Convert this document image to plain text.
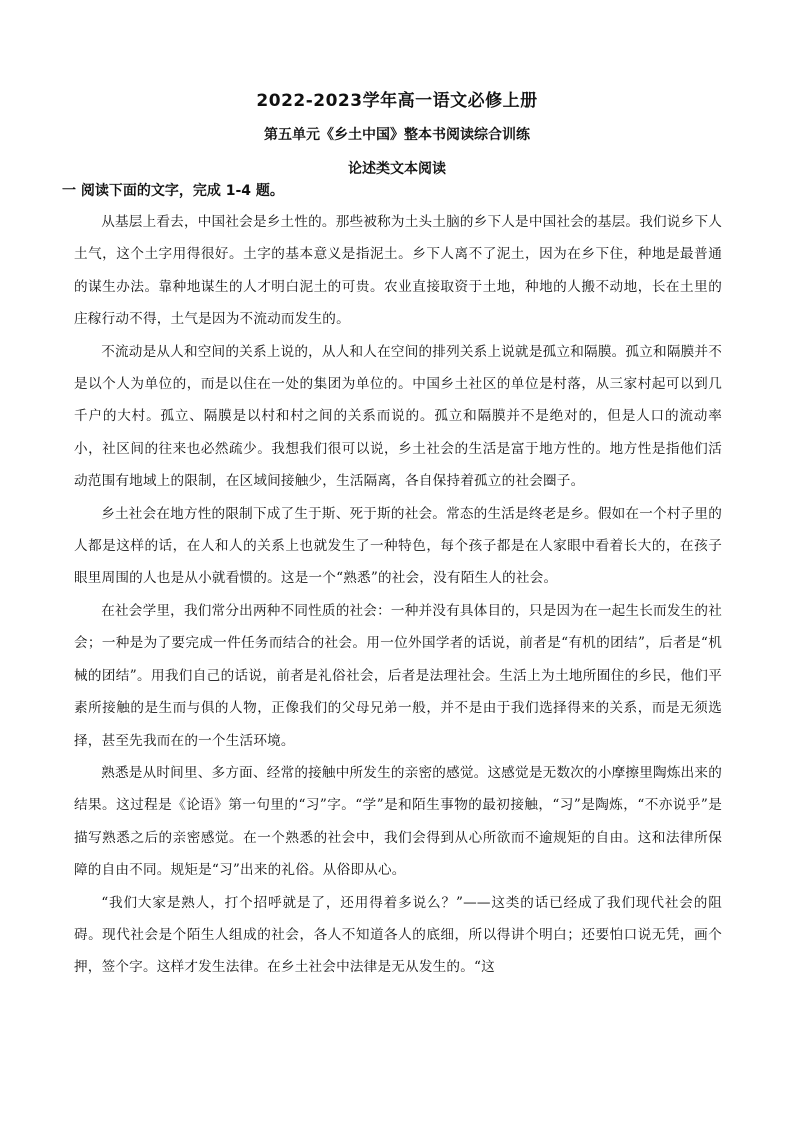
2022-2023学年高一语文必修上册
第五单元《乡土中国》整本书阅读综合训练
论述类文本阅读
一 阅读下面的文字，完成 1-4 题。

从基层上看去，中国社会是乡土性的。那些被称为土头土脑的乡下人是中国社会的基层。我们说乡下人土气，这个土字用得很好。土字的基本意义是指泥土。乡下人离不了泥土，因为在乡下住，种地是最普通的谋生办法。靠种地谋生的人才明白泥土的可贵。农业直接取资于土地，种地的人搬不动地，长在土里的庄稼行动不得，土气是因为不流动而发生的。

不流动是从人和空间的关系上说的，从人和人在空间的排列关系上说就是孤立和隔膜。孤立和隔膜并不是以个人为单位的，而是以住在一处的集团为单位的。中国乡土社区的单位是村落，从三家村起可以到几千户的大村。孤立、隔膜是以村和村之间的关系而说的。孤立和隔膜并不是绝对的，但是人口的流动率小，社区间的往来也必然疏少。我想我们很可以说，乡土社会的生活是富于地方性的。地方性是指他们活动范围有地域上的限制，在区域间接触少，生活隔离，各自保持着孤立的社会圈子。

乡土社会在地方性的限制下成了生于斯、死于斯的社会。常态的生活是终老是乡。假如在一个村子里的人都是这样的话，在人和人的关系上也就发生了一种特色，每个孩子都是在人家眼中看着长大的，在孩子眼里周围的人也是从小就看惯的。这是一个“熟悉”的社会，没有陌生人的社会。

在社会学里，我们常分出两种不同性质的社会：一种并没有具体目的，只是因为在一起生长而发生的社会；一种是为了要完成一件任务而结合的社会。用一位外国学者的话说，前者是“有机的团结”，后者是“机械的团结”。用我们自己的话说，前者是礼俗社会，后者是法理社会。生活上为土地所囿住的乡民，他们平素所接触的是生而与俱的人物，正像我们的父母兄弟一般，并不是由于我们选择得来的关系，而是无须选择，甚至先我而在的一个生活环境。

熟悉是从时间里、多方面、经常的接触中所发生的亲密的感觉。这感觉是无数次的小摩擦里陶炼出来的结果。这过程是《论语》第一句里的“习”字。“学”是和陌生事物的最初接触，“习”是陶炼，“不亦说乎”是描写熟悉之后的亲密感觉。在一个熟悉的社会中，我们会得到从心所欲而不逾规矩的自由。这和法律所保障的自由不同。规矩是“习”出来的礼俗。从俗即从心。

“我们大家是熟人，打个招呼就是了，还用得着多说么？”——这类的话已经成了我们现代社会的阻碍。现代社会是个陌生人组成的社会，各人不知道各人的底细，所以得讲个明白；还要怕口说无凭，画个押，签个字。这样才发生法律。在乡土社会中法律是无从发生的。“这
